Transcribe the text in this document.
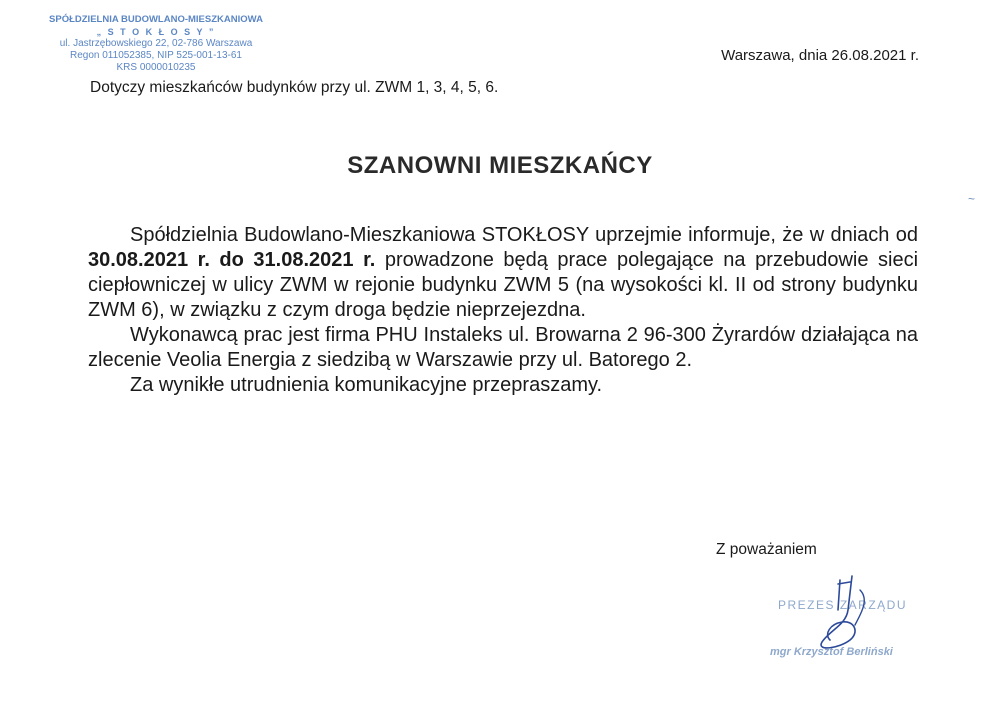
SPÓŁDZIELNIA BUDOWLANO-MIESZKANIOWA
„ S T O K Ł O S Y ”
ul. Jastrzębowskiego 22, 02-786 Warszawa
Regon 011052385, NIP 525-001-13-61
KRS 0000010235
Warszawa, dnia 26.08.2021 r.
Dotyczy mieszkańców budynków przy ul. ZWM 1, 3, 4, 5, 6.
SZANOWNI MIESZKAŃCY
~

Spółdzielnia Budowlano-Mieszkaniowa STOKŁOSY uprzejmie informuje, że w dniach od 30.08.2021 r. do 31.08.2021 r. prowadzone będą prace polegające na przebudowie sieci ciepłowniczej w ulicy ZWM w rejonie budynku ZWM 5 (na wysokości kl. II od strony budynku ZWM 6), w związku z czym droga będzie nieprzejezdna.

Wykonawcą prac jest firma PHU Instaleks ul. Browarna 2 96-300 Żyrardów działająca na zlecenie Veolia Energia z siedzibą w Warszawie przy ul. Batorego 2.

Za wynikłe utrudnienia komunikacyjne przepraszamy.

Z poważaniem
PREZES ZARZĄDU
mgr Krzysztof Berliński
